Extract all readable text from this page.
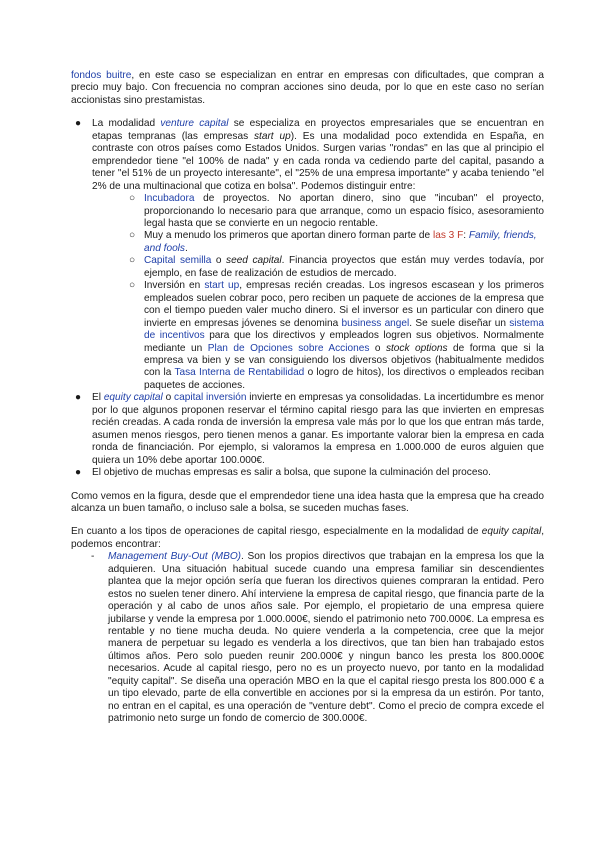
fondos buitre, en este caso se especializan en entrar en empresas con dificultades, que compran a precio muy bajo. Con frecuencia no compran acciones sino deuda, por lo que en este caso no serían accionistas sino prestamistas.

● La modalidad venture capital se especializa en proyectos empresariales que se encuentran en etapas tempranas (las empresas start up). Es una modalidad poco extendida en España, en contraste con otros países como Estados Unidos. Surgen varias "rondas" en las que al principio el emprendedor tiene "el 100% de nada" y en cada ronda va cediendo parte del capital, pasando a tener "el 51% de un proyecto interesante", el "25% de una empresa importante" y acaba teniendo "el 2% de una multinacional que cotiza en bolsa". Podemos distinguir entre:

○ Incubadora de proyectos. No aportan dinero, sino que "incuban" el proyecto, proporcionando lo necesario para que arranque, como un espacio físico, asesoramiento legal hasta que se convierte en un negocio rentable.

○ Muy a menudo los primeros que aportan dinero forman parte de las 3 F: Family, friends, and fools.

○ Capital semilla o seed capital. Financia proyectos que están muy verdes todavía, por ejemplo, en fase de realización de estudios de mercado.

○ Inversión en start up, empresas recién creadas. Los ingresos escasean y los primeros empleados suelen cobrar poco, pero reciben un paquete de acciones de la empresa que con el tiempo pueden valer mucho dinero. Si el inversor es un particular con dinero que invierte en empresas jóvenes se denomina business angel. Se suele diseñar un sistema de incentivos para que los directivos y empleados logren sus objetivos. Normalmente mediante un Plan de Opciones sobre Acciones o stock options de forma que si la empresa va bien y se van consiguiendo los diversos objetivos (habitualmente medidos con la Tasa Interna de Rentabilidad o logro de hitos), los directivos o empleados reciban paquetes de acciones.

● El equity capital o capital inversión invierte en empresas ya consolidadas. La incertidumbre es menor por lo que algunos proponen reservar el término capital riesgo para las que invierten en empresas recién creadas. A cada ronda de inversión la empresa vale más por lo que los que entran más tarde, asumen menos riesgos, pero tienen menos a ganar. Es importante valorar bien la empresa en cada ronda de financiación. Por ejemplo, si valoramos la empresa en 1.000.000 de euros alguien que quiera un 10% debe aportar 100.000€.

● El objetivo de muchas empresas es salir a bolsa, que supone la culminación del proceso.

Como vemos en la figura, desde que el emprendedor tiene una idea hasta que la empresa que ha creado alcanza un buen tamaño, o incluso sale a bolsa, se suceden muchas fases.

En cuanto a los tipos de operaciones de capital riesgo, especialmente en la modalidad de equity capital, podemos encontrar:

- Management Buy-Out (MBO). Son los propios directivos que trabajan en la empresa los que la adquieren. Una situación habitual sucede cuando una empresa familiar sin descendientes plantea que la mejor opción sería que fueran los directivos quienes compraran la entidad. Pero estos no suelen tener dinero. Ahí interviene la empresa de capital riesgo, que financia parte de la operación y al cabo de unos años sale. Por ejemplo, el propietario de una empresa quiere jubilarse y vende la empresa por 1.000.000€, siendo el patrimonio neto 700.000€. La empresa es rentable y no tiene mucha deuda. No quiere venderla a la competencia, cree que la mejor manera de perpetuar su legado es venderla a los directivos, que tan bien han trabajado estos últimos años. Pero solo pueden reunir 200.000€ y ningun banco les presta los 800.000€ necesarios. Acude al capital riesgo, pero no es un proyecto nuevo, por tanto en la modalidad "equity capital". Se diseña una operación MBO en la que el capital riesgo presta los 800.000 € a un tipo elevado, parte de ella convertible en acciones por si la empresa da un estirón. Por tanto, no entran en el capital, es una operación de "venture debt". Como el precio de compra excede el patrimonio neto surge un fondo de comercio de 300.000€.
